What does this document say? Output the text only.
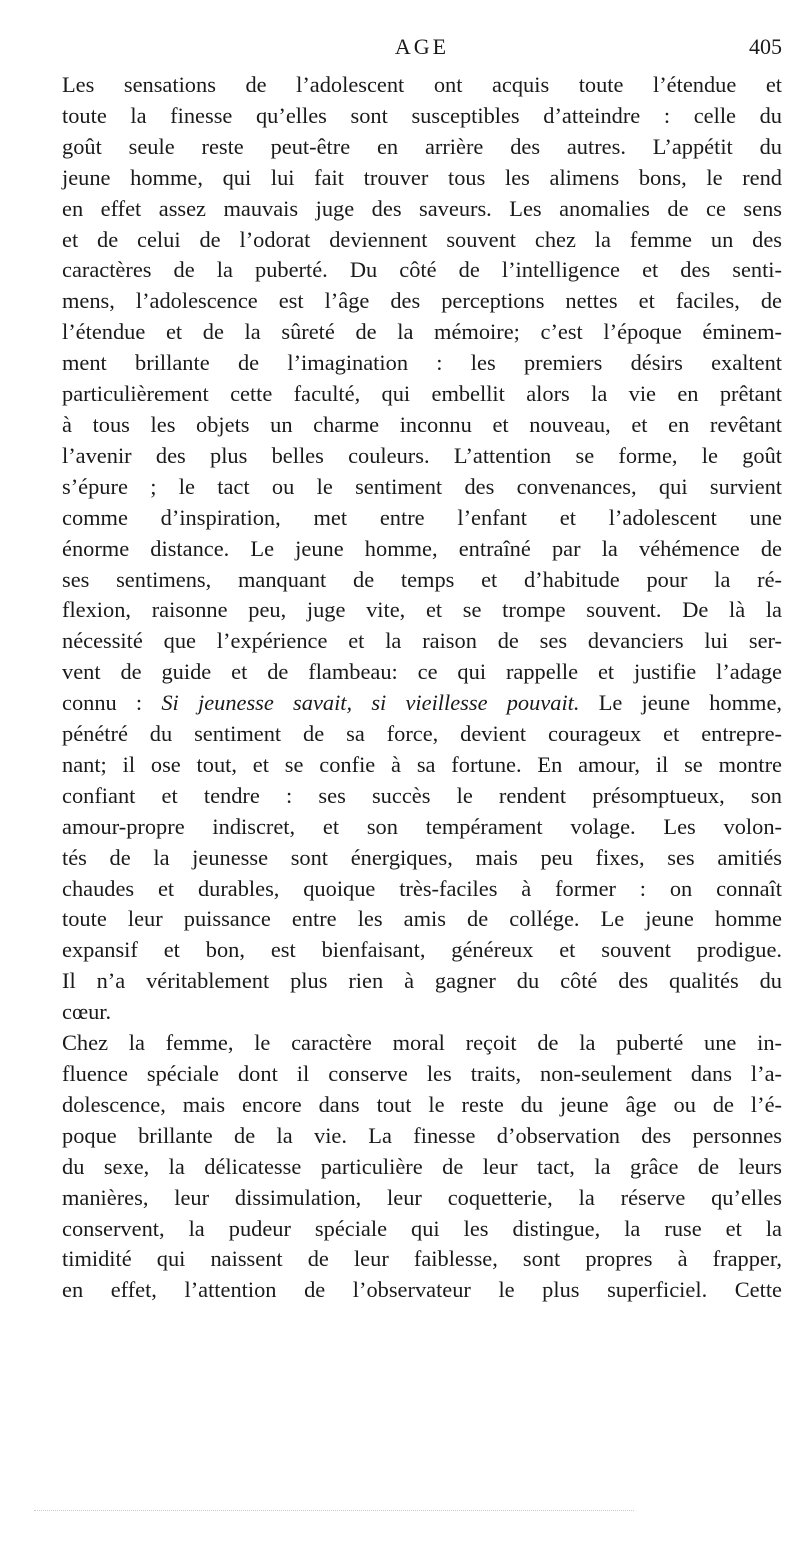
AGE	405
Les sensations de l’adolescent ont acquis toute l’étendue et
toute la finesse qu’elles sont susceptibles d’atteindre : celle du
goût seule reste peut-être en arrière des autres. L’appétit du
jeune homme, qui lui fait trouver tous les alimens bons, le rend
en effet assez mauvais juge des saveurs. Les anomalies de ce sens
et de celui de l’odorat deviennent souvent chez la femme un des
caractères de la puberté. Du côté de l’intelligence et des senti-
mens, l’adolescence est l’âge des perceptions nettes et faciles, de
l’étendue et de la sûreté de la mémoire; c’est l’époque éminem-
ment brillante de l’imagination : les premiers désirs exaltent
particulièrement cette faculté, qui embellit alors la vie en prêtant
à tous les objets un charme inconnu et nouveau, et en revêtant
l’avenir des plus belles couleurs. L’attention se forme, le goût
s’épure ; le tact ou le sentiment des convenances, qui survient
comme d’inspiration, met entre l’enfant et l’adolescent une
énorme distance. Le jeune homme, entraîné par la véhémence de
ses sentimens, manquant de temps et d’habitude pour la ré-
flexion, raisonne peu, juge vite, et se trompe souvent. De là la
nécessité que l’expérience et la raison de ses devanciers lui ser-
vent de guide et de flambeau: ce qui rappelle et justifie l’adage
connu : Si jeunesse savait, si vieillesse pouvait. Le jeune homme,
pénétré du sentiment de sa force, devient courageux et entrepre-
nant; il ose tout, et se confie à sa fortune. En amour, il se montre
confiant et tendre : ses succès le rendent présomptueux, son
amour-propre indiscret, et son tempérament volage. Les volon-
tés de la jeunesse sont énergiques, mais peu fixes, ses amitiés
chaudes et durables, quoique très-faciles à former : on connaît
toute leur puissance entre les amis de collége. Le jeune homme
expansif et bon, est bienfaisant, généreux et souvent prodigue.
Il n’a véritablement plus rien à gagner du côté des qualités du
cœur.
Chez la femme, le caractère moral reçoit de la puberté une in-
fluence spéciale dont il conserve les traits, non-seulement dans l’a-
dolescence, mais encore dans tout le reste du jeune âge ou de l’é-
poque brillante de la vie. La finesse d’observation des personnes
du sexe, la délicatesse particulière de leur tact, la grâce de leurs
manières, leur dissimulation, leur coquetterie, la réserve qu’elles
conservent, la pudeur spéciale qui les distingue, la ruse et la
timidité qui naissent de leur faiblesse, sont propres à frapper,
en effet, l’attention de l’observateur le plus superficiel. Cette
